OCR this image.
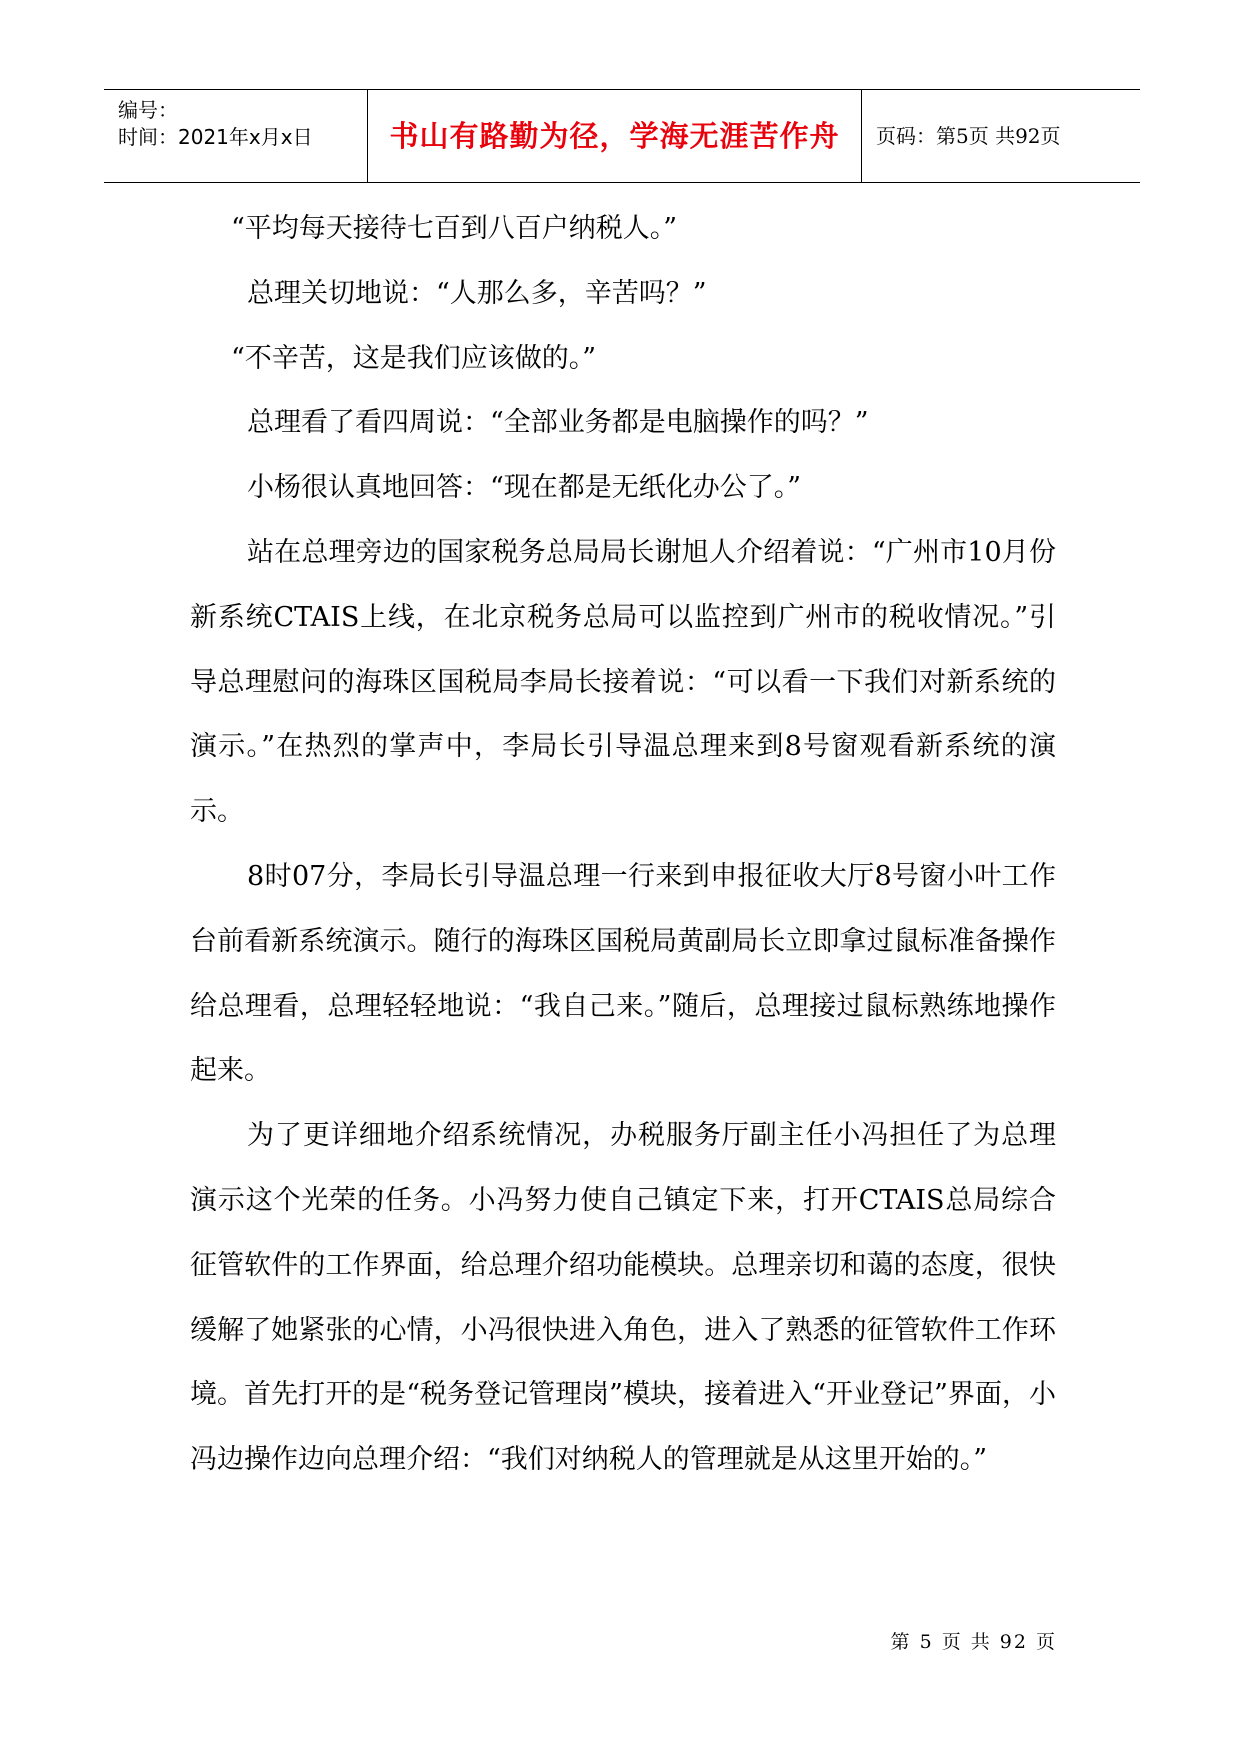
编号：
时间：2021年x月x日	书山有路勤为径，学海无涯苦作舟 页码：第5页 共92页

“平均每天接待七百到八百户纳税人。”

总理关切地说：“人那么多，辛苦吗？”

“不辛苦，这是我们应该做的。”

总理看了看四周说：“全部业务都是电脑操作的吗？”

小杨很认真地回答：“现在都是无纸化办公了。”

站在总理旁边的国家税务总局局长谢旭人介绍着说：“广州市10月份新系统CTAIS上线，在北京税务总局可以监控到广州市的税收情况。”引导总理慰问的海珠区国税局李局长接着说：“可以看一下我们对新系统的演示。”在热烈的掌声中，李局长引导温总理来到8号窗观看新系统的演示。

8时07分，李局长引导温总理一行来到申报征收大厅8号窗小叶工作台前看新系统演示。随行的海珠区国税局黄副局长立即拿过鼠标准备操作给总理看，总理轻轻地说：“我自己来。”随后，总理接过鼠标熟练地操作起来。

为了更详细地介绍系统情况，办税服务厅副主任小冯担任了为总理演示这个光荣的任务。小冯努力使自己镇定下来，打开CTAIS总局综合征管软件的工作界面，给总理介绍功能模块。总理亲切和蔼的态度，很快缓解了她紧张的心情，小冯很快进入角色，进入了熟悉的征管软件工作环境。首先打开的是“税务登记管理岗”模块，接着进入“开业登记”界面，小冯边操作边向总理介绍：“我们对纳税人的管理就是从这里开始的。”

第 5 页 共 92 页
